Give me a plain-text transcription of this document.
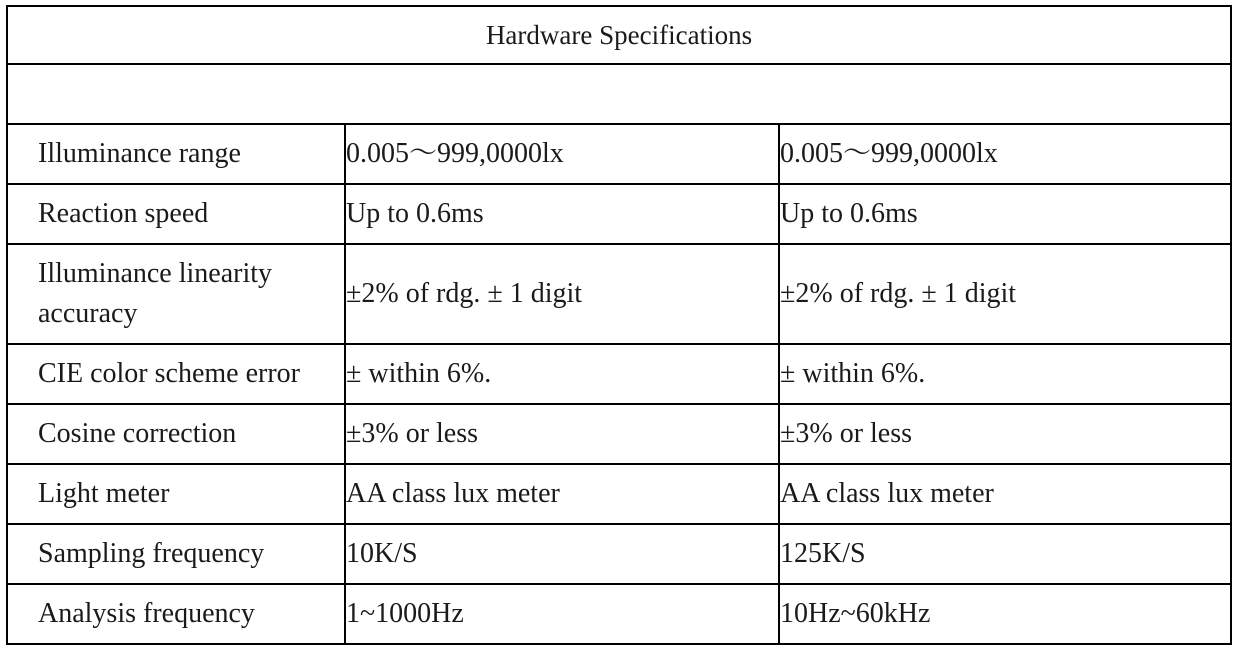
Hardware Specifications		

Illuminance range	0.005～999,0000lx	0.005～999,0000lx
Reaction speed	Up to 0.6ms	Up to 0.6ms
Illuminance linearity accuracy	±2% of rdg. ± 1 digit	±2% of rdg. ± 1 digit
CIE color scheme error	± within 6%.	± within 6%.
Cosine correction	±3% or less	±3% or less
Light meter	AA class lux meter	AA class lux meter
Sampling frequency	10K/S	125K/S
Analysis frequency	1~1000Hz	10Hz~60kHz
